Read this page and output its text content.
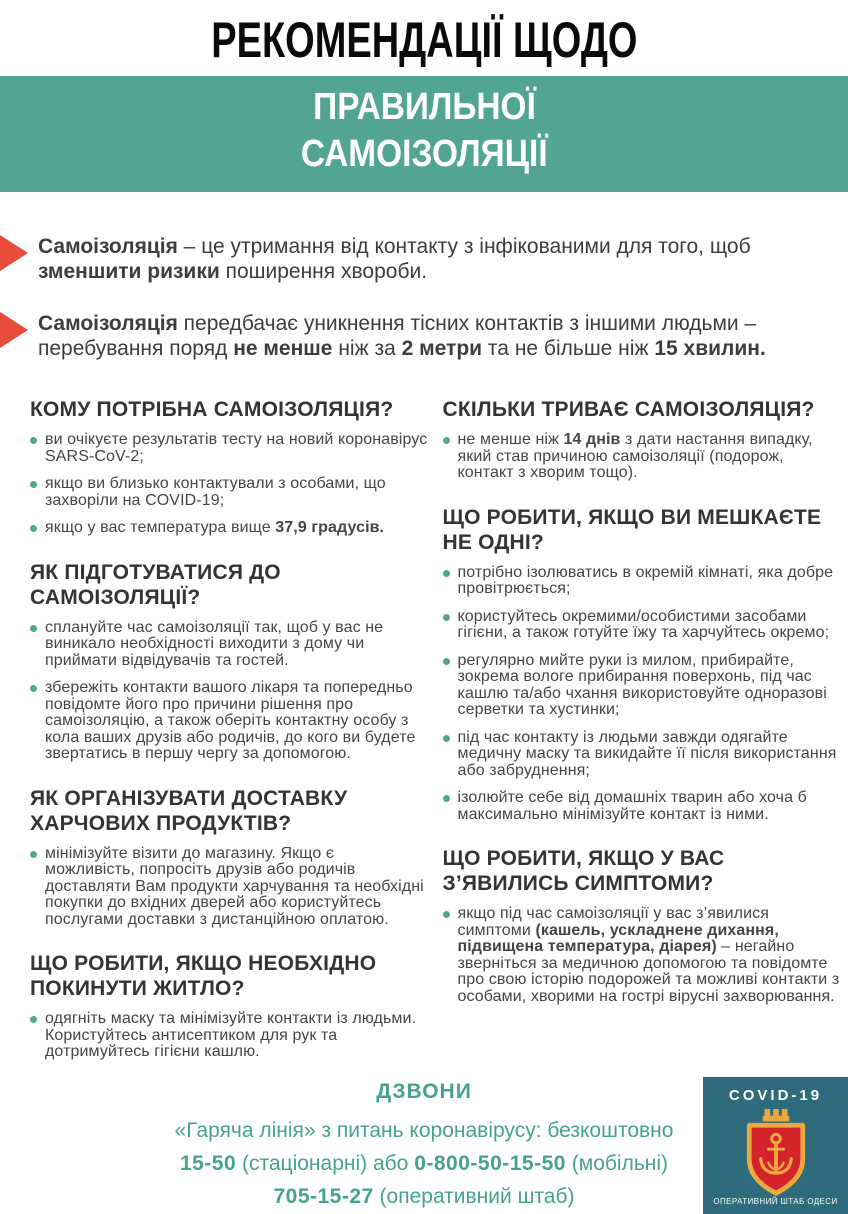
РЕКОМЕНДАЦІЇ ЩОДО
ПРАВИЛЬНОЇ
САМОІЗОЛЯЦІЇ
Самоізоляція – це утримання від контакту з інфікованими для того, щоб зменшити ризики поширення хвороби.
Самоізоляція передбачає уникнення тісних контактів з іншими людьми – перебування поряд не менше ніж за 2 метри та не більше ніж 15 хвилин.
КОМУ ПОТРІБНА САМОІЗОЛЯЦІЯ?
ви очікуєте результатів тесту на новий коронавірус SARS-CoV-2;
якщо ви близько контактували з особами, що захворіли на COVID-19;
якщо у вас температура вище 37,9 градусів.
ЯК ПІДГОТУВАТИСЯ ДО САМОІЗОЛЯЦІЇ?
сплануйте час самоізоляції так, щоб у вас не виникало необхідності виходити з дому чи приймати відвідувачів та гостей.
збережіть контакти вашого лікаря та попередньо повідомте його про причини рішення про самоізоляцію, а також оберіть контактну особу з кола ваших друзів або родичів, до кого ви будете звертатись в першу чергу за допомогою.
ЯК ОРГАНІЗУВАТИ ДОСТАВКУ ХАРЧОВИХ ПРОДУКТІВ?
мінімізуйте візити до магазину. Якщо є можливість, попросіть друзів або родичів доставляти Вам продукти харчування та необхідні покупки до вхідних дверей або користуйтесь послугами доставки з дистанційною оплатою.
ЩО РОБИТИ, ЯКЩО НЕОБХІДНО ПОКИНУТИ ЖИТЛО?
одягніть маску та мінімізуйте контакти із людьми. Користуйтесь антисептиком для рук та дотримуйтесь гігієни кашлю.
СКІЛЬКИ ТРИВАЄ САМОІЗОЛЯЦІЯ?
не менше ніж 14 днів з дати настання випадку, який став причиною самоізоляції (подорож, контакт з хворим тощо).
ЩО РОБИТИ, ЯКЩО ВИ МЕШКАЄТЕ НЕ ОДНІ?
потрібно ізолюватись в окремій кімнаті, яка добре провітрюється;
користуйтесь окремими/особистими засобами гігієни, а також готуйте їжу та харчуйтесь окремо;
регулярно мийте руки із милом, прибирайте, зокрема вологе прибирання поверхонь, під час кашлю та/або чхання використовуйте одноразові серветки та хустинки;
під час контакту із людьми завжди одягайте медичну маску та викидайте її після використання або забруднення;
ізолюйте себе від домашніх тварин або хоча б максимально мінімізуйте контакт із ними.
ЩО РОБИТИ, ЯКЩО У ВАС З’ЯВИЛИСЬ СИМПТОМИ?
якщо під час самоізоляції у вас з’явилися симптоми (кашель, ускладнене дихання, підвищена температура, діарея) – негайно зверніться за медичною допомогою та повідомте про свою історію подорожей та можливі контакти з особами, хворими на гострі вірусні захворювання.
ДЗВОНИ
«Гаряча лінія» з питань коронавірусу: безкоштовно
15-50 (стаціонарні) або 0-800-50-15-50 (мобільні)
705-15-27 (оперативний штаб)
COVID-19
ОПЕРАТИВНИЙ ШТАБ ОДЕСИ
